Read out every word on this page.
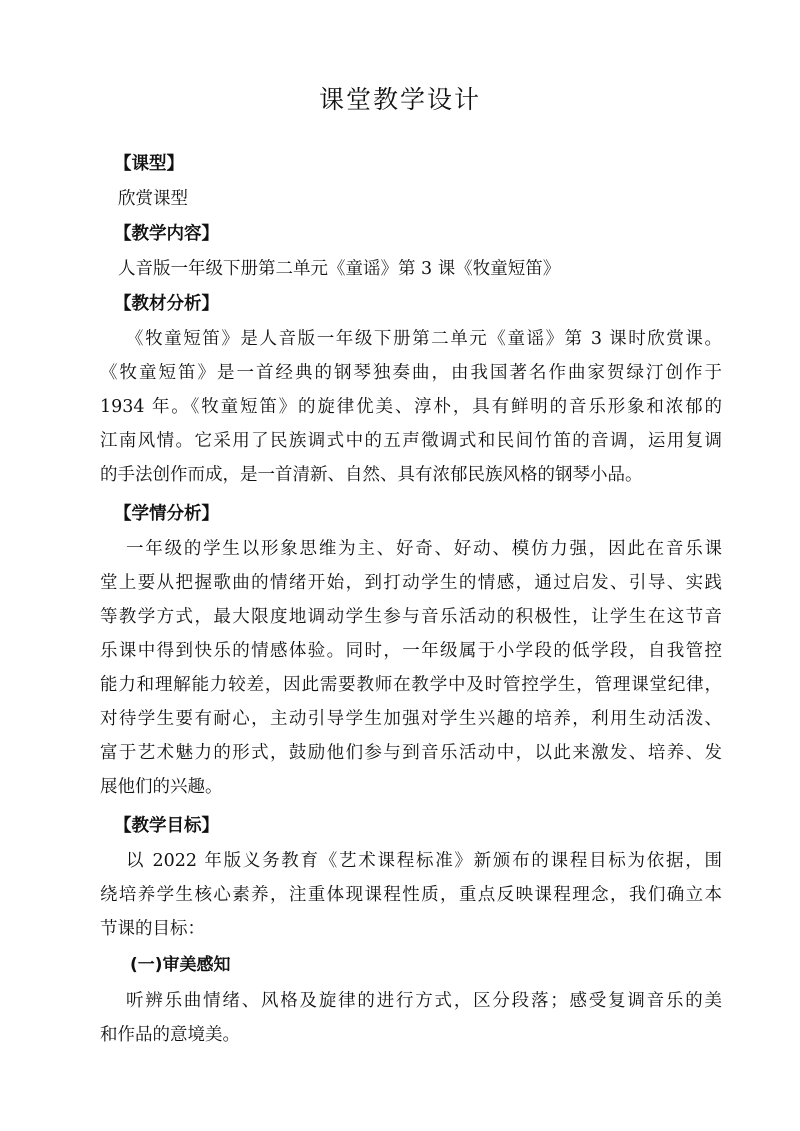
课堂教学设计
【课型】
欣赏课型
【教学内容】
人音版一年级下册第二单元《童谣》第 3 课《牧童短笛》
【教材分析】
《牧童短笛》是人音版一年级下册第二单元《童谣》第 3 课时欣赏课。
《牧童短笛》是一首经典的钢琴独奏曲，由我国著名作曲家贺绿汀创作于
1934 年。《牧童短笛》的旋律优美、淳朴，具有鲜明的音乐形象和浓郁的
江南风情。它采用了民族调式中的五声徵调式和民间竹笛的音调，运用复调
的手法创作而成，是一首清新、自然、具有浓郁民族风格的钢琴小品。
【学情分析】
一年级的学生以形象思维为主、好奇、好动、模仿力强，因此在音乐课
堂上要从把握歌曲的情绪开始，到打动学生的情感，通过启发、引导、实践
等教学方式，最大限度地调动学生参与音乐活动的积极性，让学生在这节音
乐课中得到快乐的情感体验。同时，一年级属于小学段的低学段，自我管控
能力和理解能力较差，因此需要教师在教学中及时管控学生，管理课堂纪律，
对待学生要有耐心，主动引导学生加强对学生兴趣的培养，利用生动活泼、
富于艺术魅力的形式，鼓励他们参与到音乐活动中，以此来激发、培养、发
展他们的兴趣。
【教学目标】
以 2022 年版义务教育《艺术课程标准》新颁布的课程目标为依据，围
绕培养学生核心素养，注重体现课程性质，重点反映课程理念，我们确立本
节课的目标：
(一)审美感知
听辨乐曲情绪、风格及旋律的进行方式，区分段落；感受复调音乐的美
和作品的意境美。
